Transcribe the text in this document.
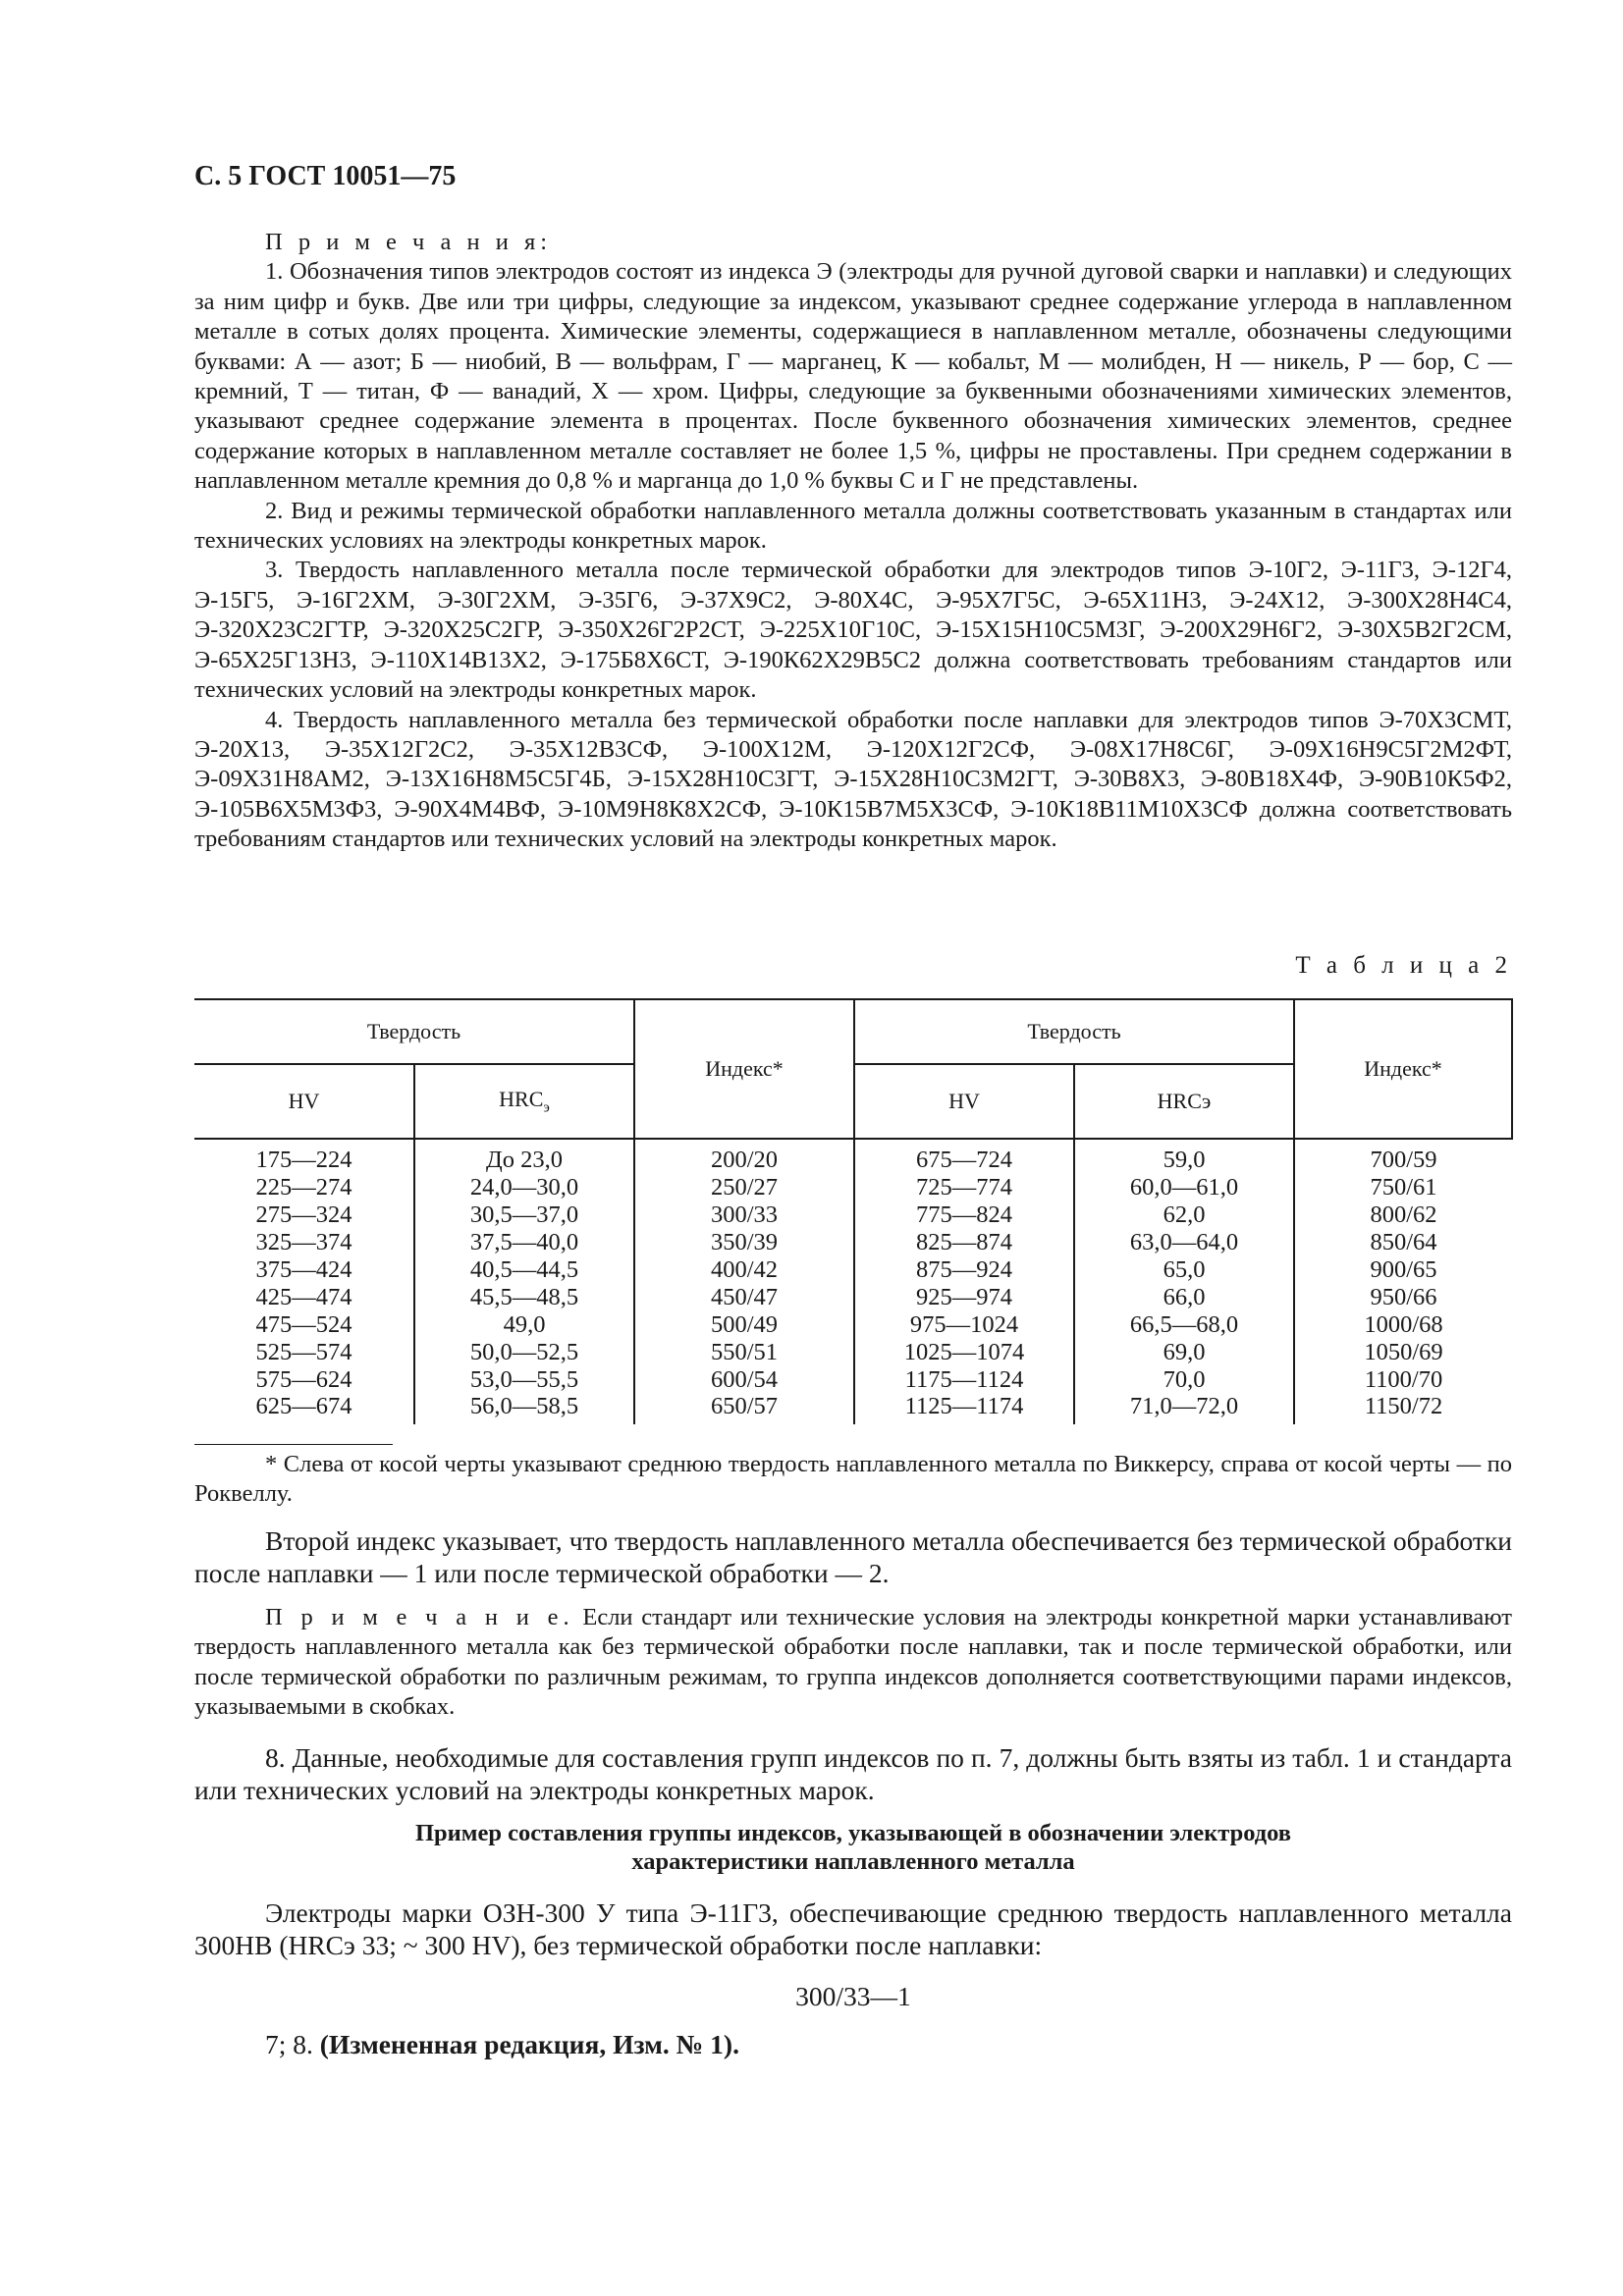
С. 5 ГОСТ 10051—75

П р и м е ч а н и я:

1. Обозначения типов электродов состоят из индекса Э (электроды для ручной дуговой сварки и наплавки) и следующих за ним цифр и букв. Две или три цифры, следующие за индексом, указывают среднее содержание углерода в наплавленном металле в сотых долях процента. Химические элементы, содержащиеся в наплавленном металле, обозначены следующими буквами: А — азот; Б — ниобий, В — вольфрам, Г — марганец, К — кобальт, М — молибден, Н — никель, Р — бор, С — кремний, Т — титан, Ф — ванадий, Х — хром. Цифры, следующие за буквенными обозначениями химических элементов, указывают среднее содержание элемента в процентах. После буквенного обозначения химических элементов, среднее содержание которых в наплавленном металле составляет не более 1,5 %, цифры не проставлены. При среднем содержании в наплавленном металле кремния до 0,8 % и марганца до 1,0 % буквы С и Г не представлены.

2. Вид и режимы термической обработки наплавленного металла должны соответствовать указанным в стандартах или технических условиях на электроды конкретных марок.

3. Твердость наплавленного металла после термической обработки для электродов типов Э-10Г2, Э-11Г3, Э-12Г4, Э-15Г5, Э-16Г2ХМ, Э-30Г2ХМ, Э-35Г6, Э-37Х9С2, Э-80Х4С, Э-95Х7Г5С, Э-65Х11Н3, Э-24Х12, Э-300Х28Н4С4, Э-320Х23С2ГТР, Э-320Х25С2ГР, Э-350Х26Г2Р2СТ, Э-225Х10Г10С, Э-15Х15Н10С5М3Г, Э-200Х29Н6Г2, Э-30Х5В2Г2СМ, Э-65Х25Г13Н3, Э-110Х14В13Х2, Э-175Б8Х6СТ, Э-190К62Х29В5С2 должна соответствовать требованиям стандартов или технических условий на электроды конкретных марок.

4. Твердость наплавленного металла без термической обработки после наплавки для электродов типов Э-70Х3СМТ, Э-20Х13, Э-35Х12Г2С2, Э-35Х12В3СФ, Э-100Х12М, Э-120Х12Г2СФ, Э-08Х17Н8С6Г, Э-09Х16Н9С5Г2М2ФТ, Э-09Х31Н8АМ2, Э-13Х16Н8М5С5Г4Б, Э-15Х28Н10С3ГТ, Э-15Х28Н10С3М2ГТ, Э-30В8Х3, Э-80В18Х4Ф, Э-90В10К5Ф2, Э-105В6Х5М3Ф3, Э-90Х4М4ВФ, Э-10М9Н8К8Х2СФ, Э-10К15В7М5Х3СФ, Э-10К18В11М10Х3СФ должна соответствовать требованиям стандартов или технических условий на электроды конкретных марок.

Т а б л и ц а 2
Твердость		Индекс*	Твердость		Индекс*
HV	$HRC_э$		HV	HRCэ	

175—224	До 23,0	200/20	675—724	59,0	700/59
225—274	24,0—30,0	250/27	725—774	60,0—61,0	750/61
275—324	30,5—37,0	300/33	775—824	62,0	800/62
325—374	37,5—40,0	350/39	825—874	63,0—64,0	850/64
375—424	40,5—44,5	400/42	875—924	65,0	900/65
425—474	45,5—48,5	450/47	925—974	66,0	950/66
475—524	49,0	500/49	975—1024	66,5—68,0	1000/68
525—574	50,0—52,5	550/51	1025—1074	69,0	1050/69
575—624	53,0—55,5	600/54	1175—1124	70,0	1100/70
625—674	56,0—58,5	650/57	1125—1174	71,0—72,0	1150/72

* Слева от косой черты указывают среднюю твердость наплавленного металла по Виккерсу, справа от косой черты — по Роквеллу.

Второй индекс указывает, что твердость наплавленного металла обеспечивается без термической обработки после наплавки — 1 или после термической обработки — 2.

П р и м е ч а н и е. Если стандарт или технические условия на электроды конкретной марки устанавливают твердость наплавленного металла как без термической обработки после наплавки, так и после термической обработки, или после термической обработки по различным режимам, то группа индексов дополняется соответствующими парами индексов, указываемыми в скобках.

8. Данные, необходимые для составления групп индексов по п. 7, должны быть взяты из табл. 1 и стандарта или технических условий на электроды конкретных марок.

Пример составления группы индексов, указывающей в обозначении электродов
характеристики наплавленного металла

Электроды марки ОЗН-300 У типа Э-11Г3, обеспечивающие среднюю твердость наплавленного металла 300НВ (HRCэ 33; ~ 300 HV), без термической обработки после наплавки:

300/33—1

7; 8. (Измененная редакция, Изм. № 1).
